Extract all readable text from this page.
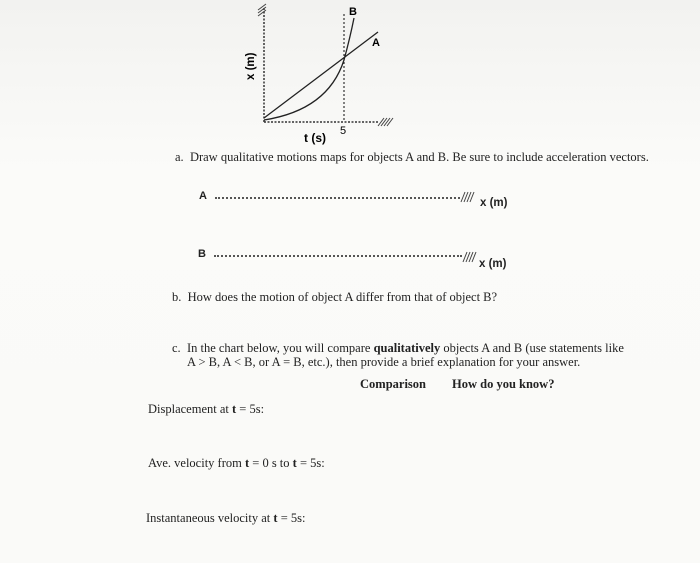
A
B
5
t (s)
x (m)
a. Draw qualitative motions maps for objects A and B. Be sure to include acceleration vectors.
A
x (m)
B
x (m)
b. How does the motion of object A differ from that of object B?
c. In the chart below, you will compare qualitatively objects A and B (use statements like
A > B, A < B, or A = B, etc.), then provide a brief explanation for your answer.
Comparison How do you know?
Displacement at t = 5s:
Ave. velocity from t = 0 s to t = 5s:
Instantaneous velocity at t = 5s:
